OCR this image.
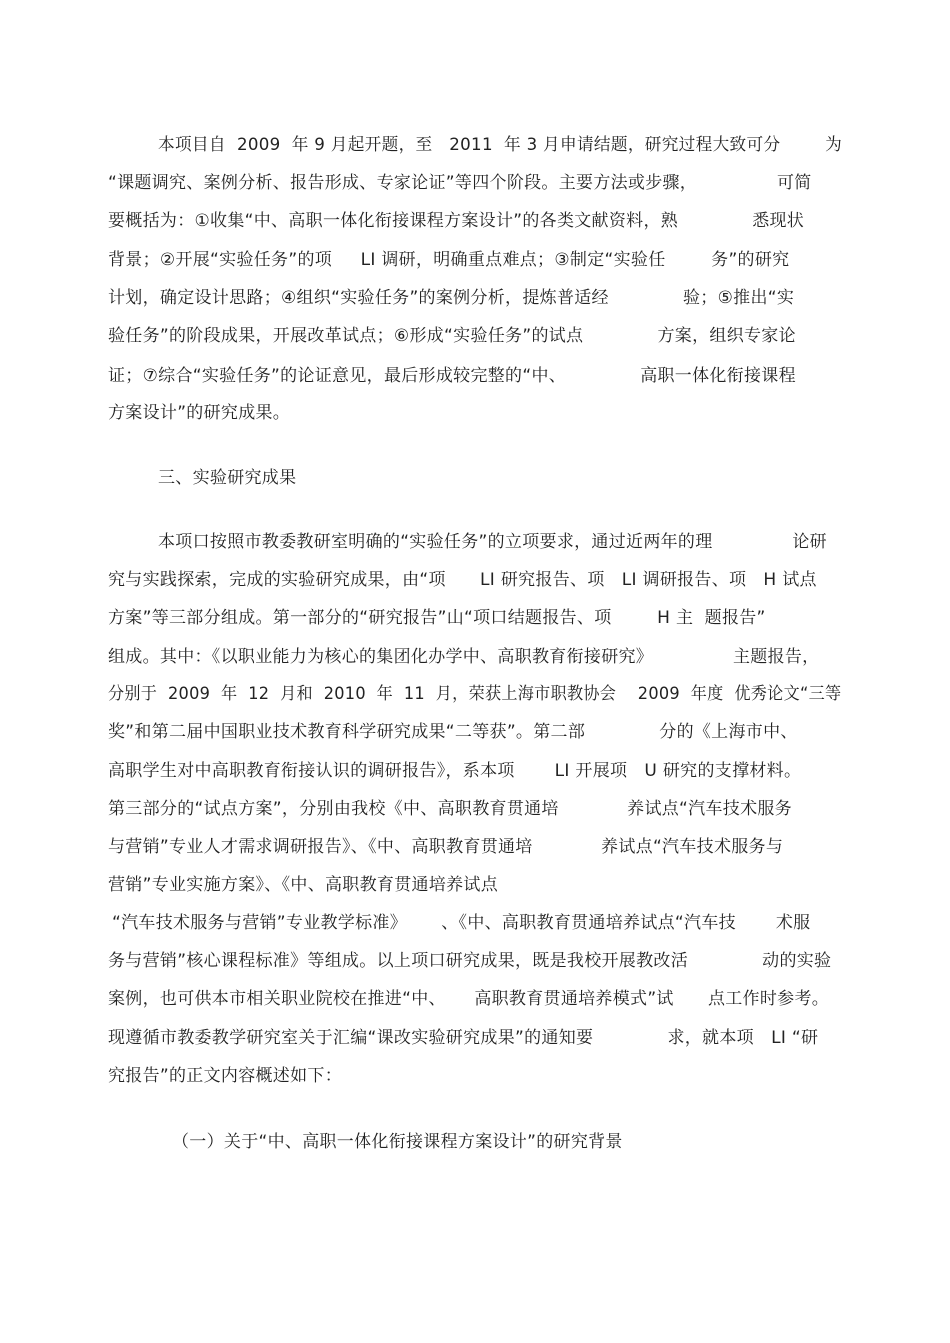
本项目自  2009  年 9 月起开题，至   2011  年 3 月申请结题，研究过程大致可分        为
“课题调究、案例分析、报告形成、专家论证”等四个阶段。主要方法或步骤，              可简
要概括为：①收集“中、高职一体化衔接课程方案设计”的各类文献资料，熟             悉现状
背景；②开展“实验任务”的项     LI 调研，明确重点难点；③制定“实验任        务”的研究
计划，确定设计思路；④组织“实验任务”的案例分析，提炼普适经             验；⑤推出“实
验任务”的阶段成果，开展改革试点；⑥形成“实验任务”的试点             方案，组织专家论
证；⑦综合“实验任务”的论证意见，最后形成较完整的“中、             高职一体化衔接课程
方案设计”的研究成果。
三、实验研究成果
本项口按照市教委教研室明确的“实验任务”的立项要求，通过近两年的理              论研
究与实践探索，完成的实验研究成果，由“项      LI 研究报告、项   LI 调研报告、项   H 试点
方案”等三部分组成。第一部分的“研究报告”山“项口结题报告、项        H 主  题报告”
组成。其中：《以职业能力为核心的集团化办学中、高职教育衔接研究》              主题报告，
分别于  2009  年  12  月和  2010  年  11  月，荣获上海市职教协会    2009  年度  优秀论文“三等
奖”和第二届中国职业技术教育科学研究成果“二等获”。第二部             分的《上海市中、
高职学生对中高职教育衔接认识的调研报告》，系本项       LI 开展项   U 研究的支撑材料。
第三部分的“试点方案”，分别由我校《中、高职教育贯通培            养试点“汽车技术服务
与营销”专业人才需求调研报告》、《中、高职教育贯通培            养试点“汽车技术服务与
营销”专业实施方案》、《中、高职教育贯通培养试点
“汽车技术服务与营销”专业教学标准》      、《中、高职教育贯通培养试点“汽车技       术服
务与营销”核心课程标准》等组成。以上项口研究成果，既是我校开展教改活             动的实验
案例，也可供本市相关职业院校在推进“中、     高职教育贯通培养模式”试      点工作时参考。
现遵循市教委教学研究室关于汇编“课改实验研究成果”的通知要             求，就本项   LI “研
究报告”的正文内容概述如下：
（一）关于“中、高职一体化衔接课程方案设计”的研究背景
